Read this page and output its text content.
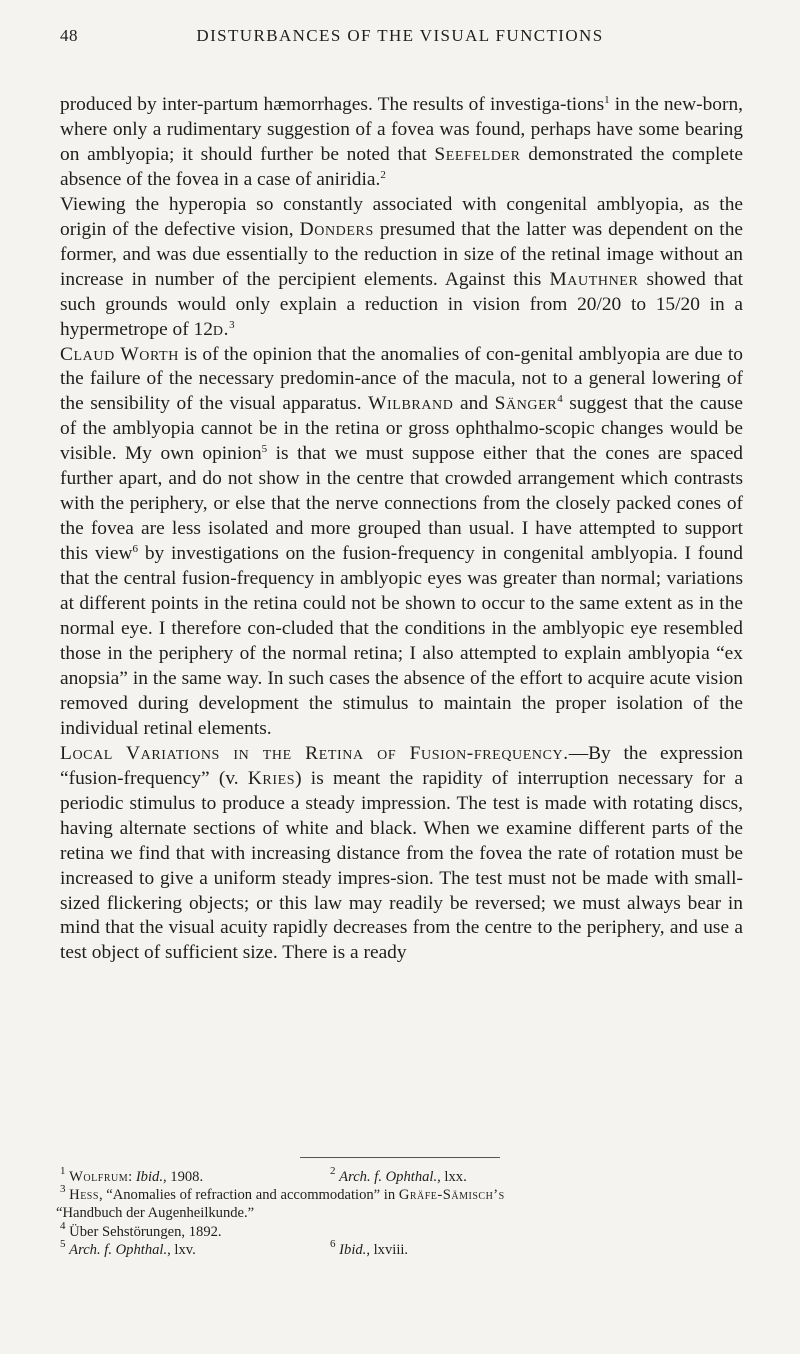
48	DISTURBANCES OF THE VISUAL FUNCTIONS

produced by inter-partum hæmorrhages. The results of investiga-tions$^1$ in the new-born, where only a rudimentary suggestion of a fovea was found, perhaps have some bearing on amblyopia; it should further be noted that Seefelder demonstrated the complete absence of the fovea in a case of aniridia.$^2$

Viewing the hyperopia so constantly associated with congenital amblyopia, as the origin of the defective vision, Donders presumed that the latter was dependent on the former, and was due essentially to the reduction in size of the retinal image without an increase in number of the percipient elements. Against this Mauthner showed that such grounds would only explain a reduction in vision from 20/20 to 15/20 in a hypermetrope of 12d.$^3$

Claud Worth is of the opinion that the anomalies of con-genital amblyopia are due to the failure of the necessary predomin-ance of the macula, not to a general lowering of the sensibility of the visual apparatus. Wilbrand and Sänger$^4$ suggest that the cause of the amblyopia cannot be in the retina or gross ophthalmo-scopic changes would be visible. My own opinion$^5$ is that we must suppose either that the cones are spaced further apart, and do not show in the centre that crowded arrangement which contrasts with the periphery, or else that the nerve connections from the closely packed cones of the fovea are less isolated and more grouped than usual. I have attempted to support this view$^6$ by investigations on the fusion-frequency in congenital amblyopia. I found that the central fusion-frequency in amblyopic eyes was greater than normal; variations at different points in the retina could not be shown to occur to the same extent as in the normal eye. I therefore con-cluded that the conditions in the amblyopic eye resembled those in the periphery of the normal retina; I also attempted to explain amblyopia “ex anopsia” in the same way. In such cases the absence of the effort to acquire acute vision removed during development the stimulus to maintain the proper isolation of the individual retinal elements.

Local Variations in the Retina of Fusion-frequency.—By the expression “fusion-frequency” (v. Kries) is meant the rapidity of interruption necessary for a periodic stimulus to produce a steady impression. The test is made with rotating discs, having alternate sections of white and black. When we examine different parts of the retina we find that with increasing distance from the fovea the rate of rotation must be increased to give a uniform steady impres-sion. The test must not be made with small-sized flickering objects; or this law may readily be reversed; we must always bear in mind that the visual acuity rapidly decreases from the centre to the periphery, and use a test object of sufficient size. There is a ready

$^1$ Wolfrum: Ibid., 1908.	$^2$ Arch. f. Ophthal., lxx.
$^3$ Hess, “Anomalies of refraction and accommodation” in Gräfe-Sämisch’s
“Handbuch der Augenheilkunde.”
$^4$ Über Sehstörungen, 1892.
$^5$ Arch. f. Ophthal., lxv.	$^6$ Ibid., lxviii.
